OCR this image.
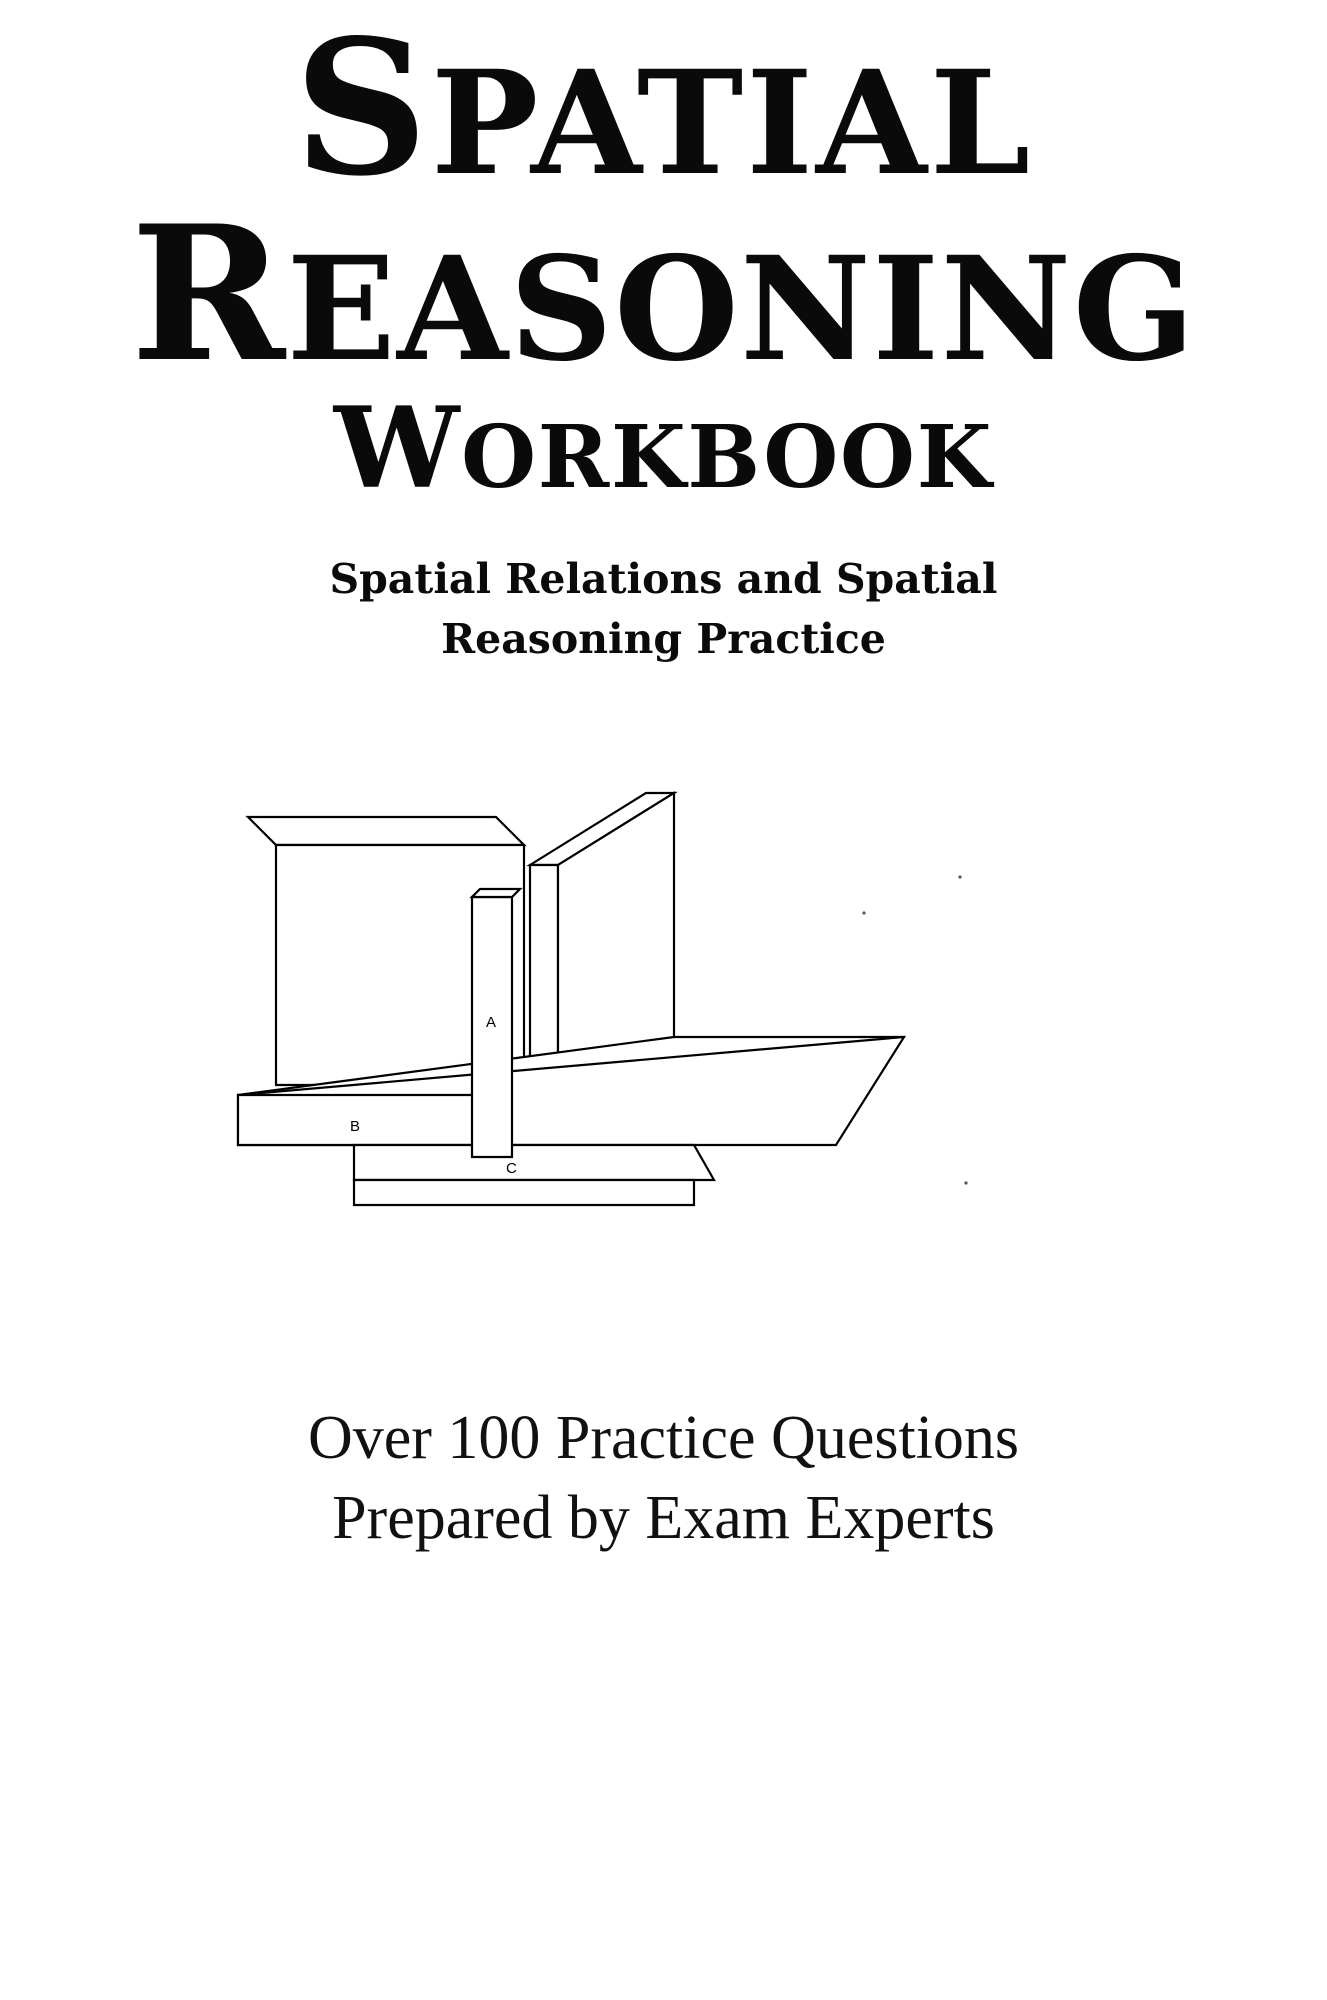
SPATIAL
REASONING
WORKBOOK
Spatial Relations and Spatial
Reasoning Practice
A
B
C
Over 100 Practice Questions
Prepared by Exam Experts
